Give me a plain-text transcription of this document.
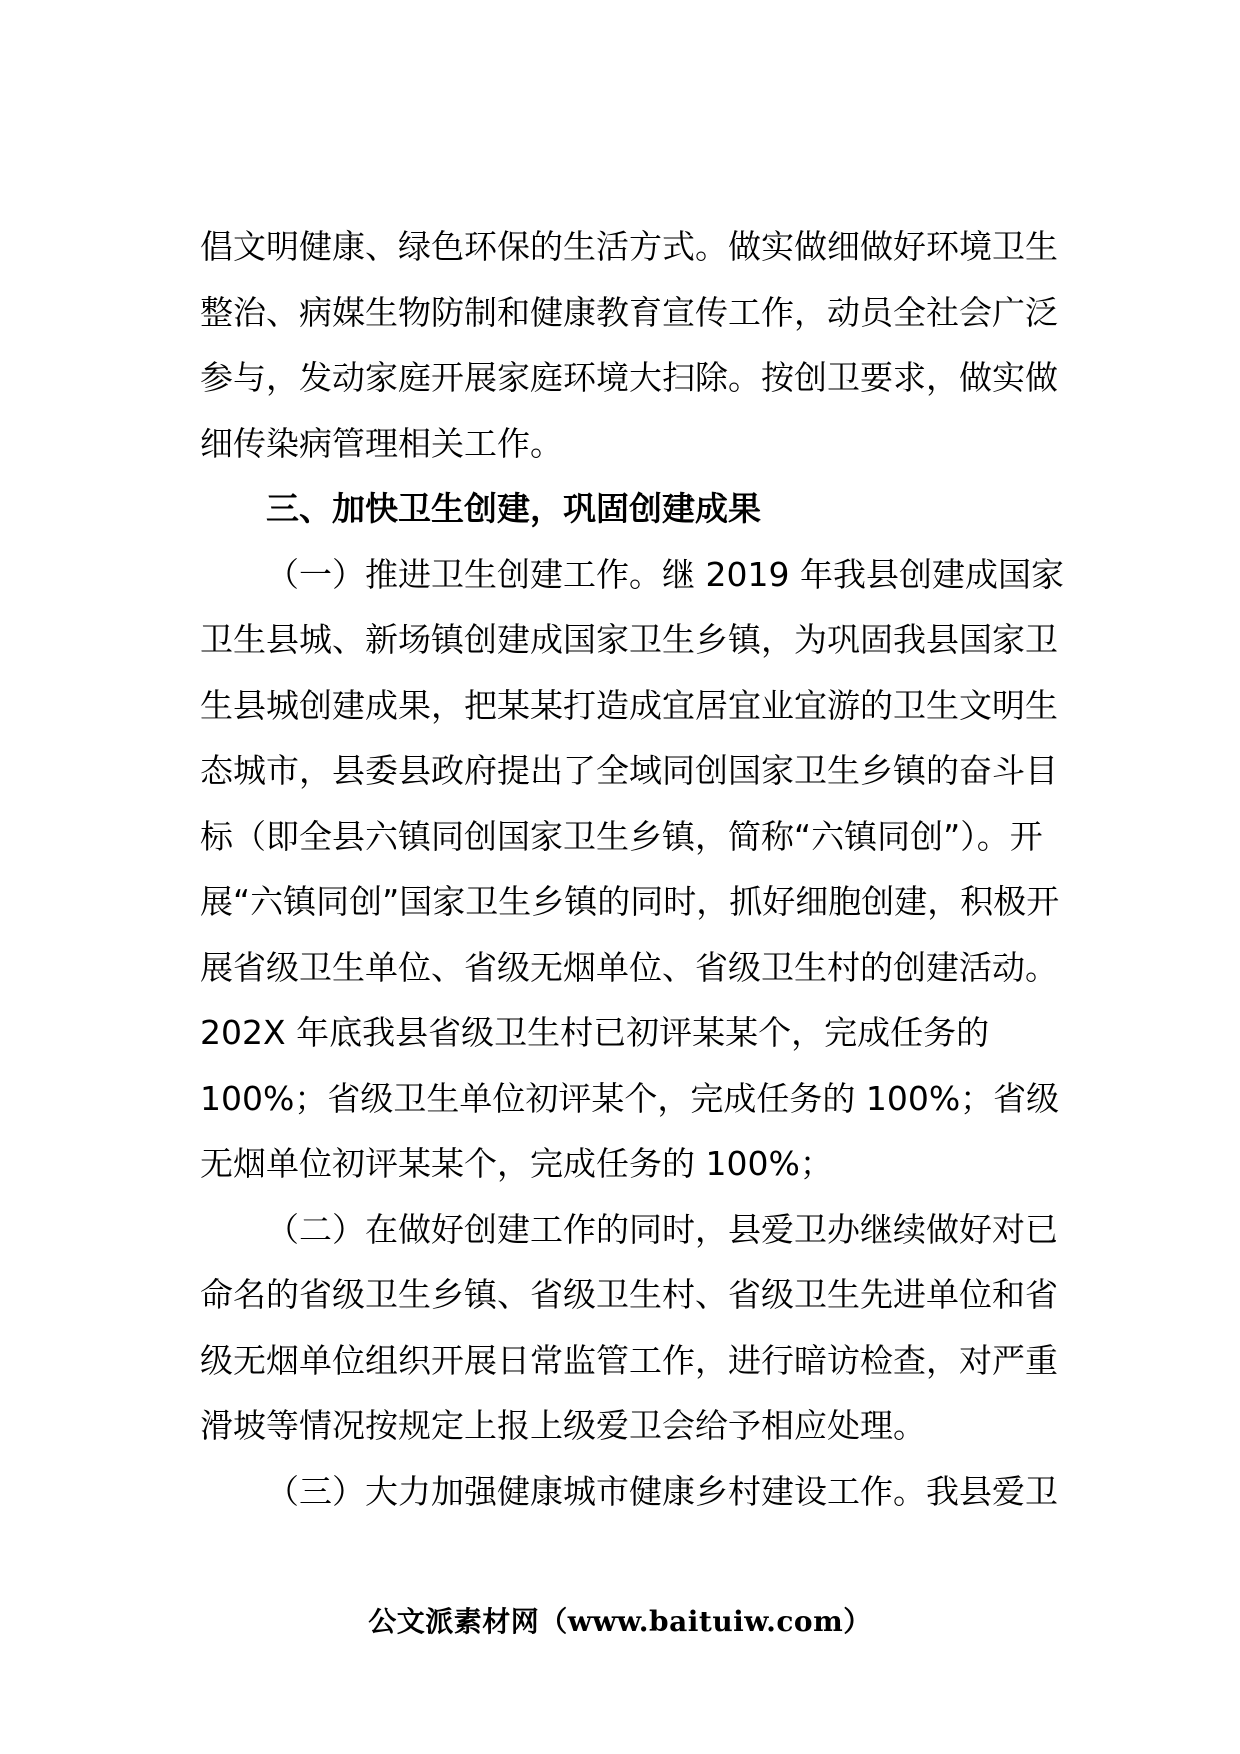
倡文明健康、绿色环保的生活方式。做实做细做好环境卫生整治、病媒生物防制和健康教育宣传工作，动员全社会广泛参与，发动家庭开展家庭环境大扫除。按创卫要求，做实做细传染病管理相关工作。

三、加快卫生创建，巩固创建成果

（一）推进卫生创建工作。继 2019 年我县创建成国家卫生县城、新场镇创建成国家卫生乡镇，为巩固我县国家卫生县城创建成果，把某某打造成宜居宜业宜游的卫生文明生态城市，县委县政府提出了全域同创国家卫生乡镇的奋斗目标（即全县六镇同创国家卫生乡镇，简称“六镇同创”）。开展“六镇同创”国家卫生乡镇的同时，抓好细胞创建，积极开展省级卫生单位、省级无烟单位、省级卫生村的创建活动。202X 年底我县省级卫生村已初评某某个，完成任务的 100%；省级卫生单位初评某个，完成任务的 100%；省级无烟单位初评某某个，完成任务的 100%；

（二）在做好创建工作的同时，县爱卫办继续做好对已命名的省级卫生乡镇、省级卫生村、省级卫生先进单位和省级无烟单位组织开展日常监管工作，进行暗访检查，对严重滑坡等情况按规定上报上级爱卫会给予相应处理。

（三）大力加强健康城市健康乡村建设工作。我县爱卫

公文派素材网（www.baituiw.com）
